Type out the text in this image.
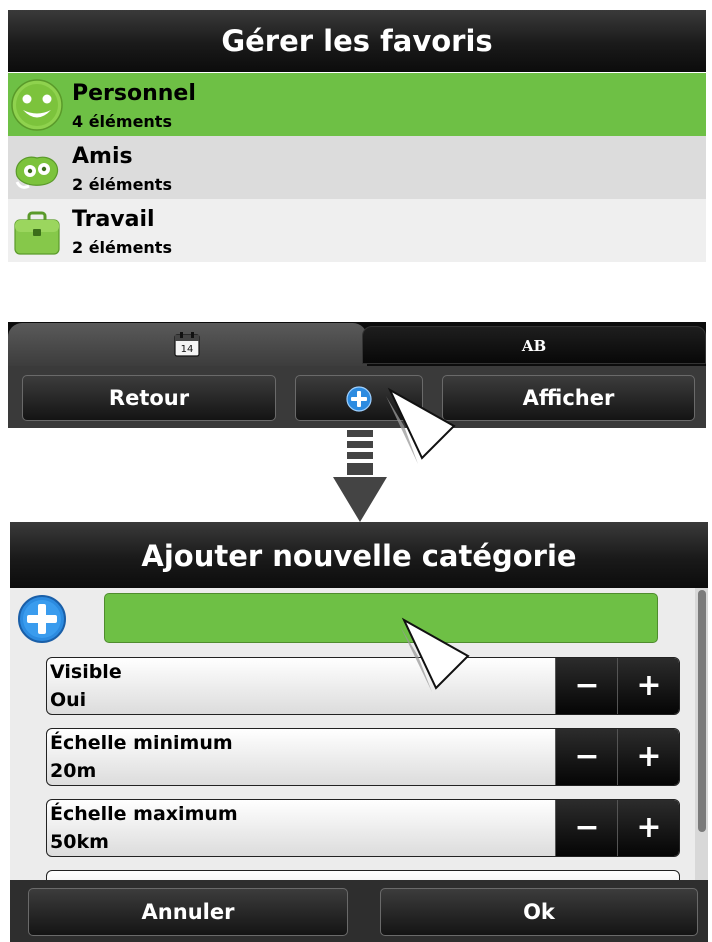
Gérer les favoris
Personnel
4 éléments
Amis
2 éléments
Travail
2 éléments
14	AB
Retour	Afficher
Ajouter nouvelle catégorie
Visible
Oui	−	+
Échelle minimum
20m	−	+
Échelle maximum
50km	−	+
Annuler	Ok
